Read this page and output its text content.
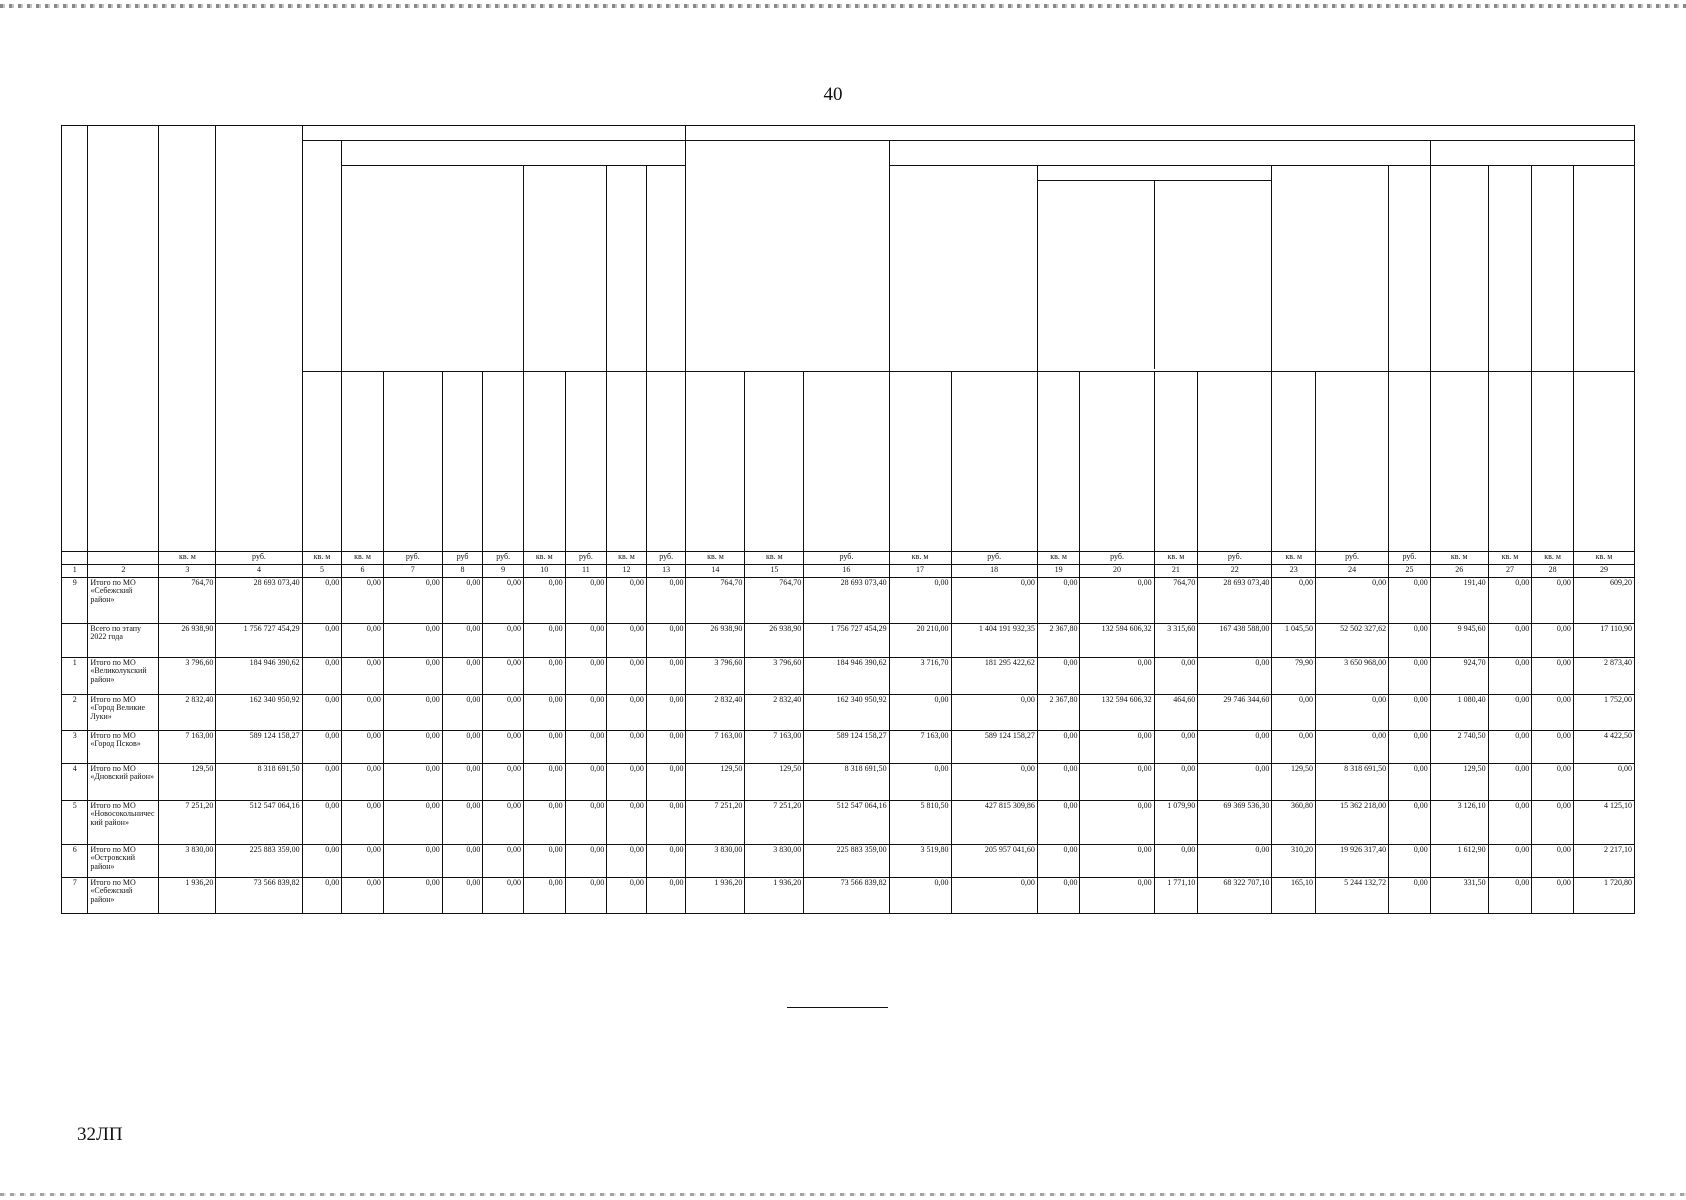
40

		кв. м	руб.	кв. м	кв. м	руб.	руб	руб.	кв. м	руб.	кв. м	руб.	кв. м	кв. м	руб.	кв. м	руб.	кв. м	руб.	кв. м	руб.	кв. м	руб.	руб.	кв. м	кв. м	кв. м	кв. м
1	2	3	4	5	6	7	8	9	10	11	12	13	14	15	16	17	18	19	20	21	22	23	24	25	26	27	28	29
9	Итого по МО «Себежский район»	764,70	28 693 073,40	0,00	0,00	0,00	0,00	0,00	0,00	0,00	0,00	0,00	764,70	764,70	28 693 073,40	0,00	0,00	0,00	0,00	764,70	28 693 073,40	0,00	0,00	0,00	191,40	0,00	0,00	609,20
	Всего по этапу 2022 года	26 938,90	1 756 727 454,29	0,00	0,00	0,00	0,00	0,00	0,00	0,00	0,00	0,00	26 938,90	26 938,90	1 756 727 454,29	20 210,00	1 404 191 932,35	2 367,80	132 594 606,32	3 315,60	167 438 588,00	1 045,50	52 502 327,62	0,00	9 945,60	0,00	0,00	17 110,90
1	Итого по МО «Великолукский район»	3 796,60	184 946 390,62	0,00	0,00	0,00	0,00	0,00	0,00	0,00	0,00	0,00	3 796,60	3 796,60	184 946 390,62	3 716,70	181 295 422,62	0,00	0,00	0,00	0,00	79,90	3 650 968,00	0,00	924,70	0,00	0,00	2 873,40
2	Итого по МО «Город Великие Луки»	2 832,40	162 340 950,92	0,00	0,00	0,00	0,00	0,00	0,00	0,00	0,00	0,00	2 832,40	2 832,40	162 340 950,92	0,00	0,00	2 367,80	132 594 606,32	464,60	29 746 344,60	0,00	0,00	0,00	1 080,40	0,00	0,00	1 752,00
3	Итого по МО «Город Псков»	7 163,00	589 124 158,27	0,00	0,00	0,00	0,00	0,00	0,00	0,00	0,00	0,00	7 163,00	7 163,00	589 124 158,27	7 163,00	589 124 158,27	0,00	0,00	0,00	0,00	0,00	0,00	0,00	2 740,50	0,00	0,00	4 422,50
4	Итого по МО «Дновский район»	129,50	8 318 691,50	0,00	0,00	0,00	0,00	0,00	0,00	0,00	0,00	0,00	129,50	129,50	8 318 691,50	0,00	0,00	0,00	0,00	0,00	0,00	129,50	8 318 691,50	0,00	129,50	0,00	0,00	0,00
5	Итого по МО «Новосокольнический район»	7 251,20	512 547 064,16	0,00	0,00	0,00	0,00	0,00	0,00	0,00	0,00	0,00	7 251,20	7 251,20	512 547 064,16	5 810,50	427 815 309,86	0,00	0,00	1 079,90	69 369 536,30	360,80	15 362 218,00	0,00	3 126,10	0,00	0,00	4 125,10
6	Итого по МО «Островский район»	3 830,00	225 883 359,00	0,00	0,00	0,00	0,00	0,00	0,00	0,00	0,00	0,00	3 830,00	3 830,00	225 883 359,00	3 519,80	205 957 041,60	0,00	0,00	0,00	0,00	310,20	19 926 317,40	0,00	1 612,90	0,00	0,00	2 217,10
7	Итого по МО «Себежский район»	1 936,20	73 566 839,82	0,00	0,00	0,00	0,00	0,00	0,00	0,00	0,00	0,00	1 936,20	1 936,20	73 566 839,82	0,00	0,00	0,00	0,00	1 771,10	68 322 707,10	165,10	5 244 132,72	0,00	331,50	0,00	0,00	1 720,80
32ЛП
